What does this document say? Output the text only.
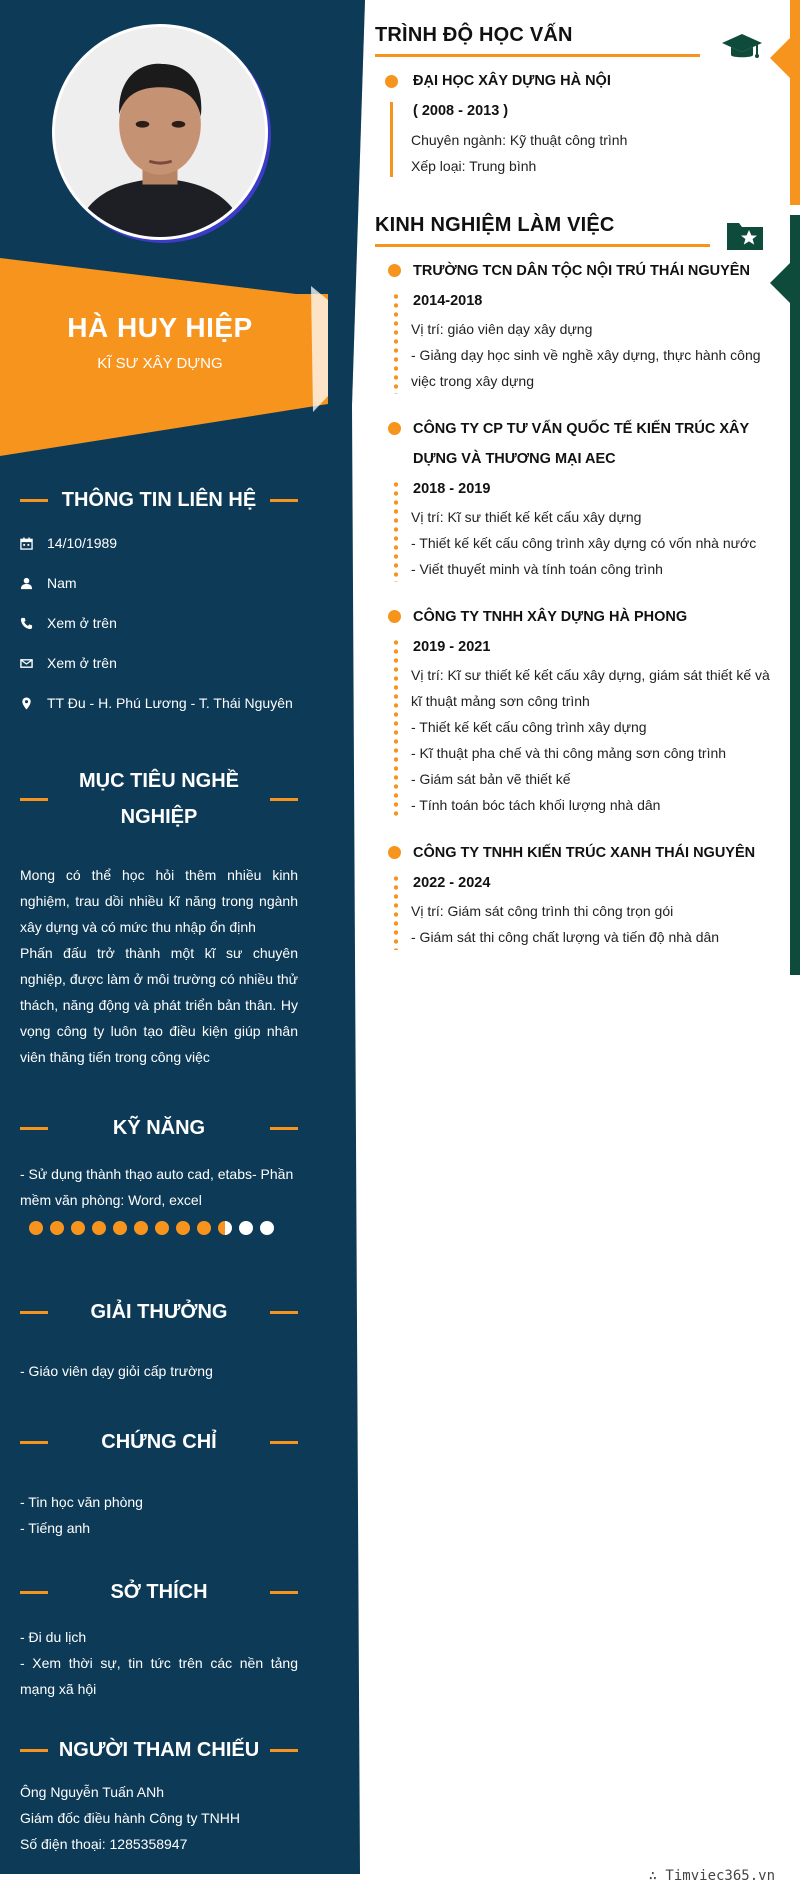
HÀ HUY HIỆP
KĨ SƯ XÂY DỰNG
THÔNG TIN LIÊN HỆ
14/10/1989
Nam
Xem ở trên
Xem ở trên
TT Đu - H. Phú Lương - T. Thái Nguyên
MỤC TIÊU NGHỀ
NGHIỆP
Mong có thể học hỏi thêm nhiều kinh nghiệm, trau dồi nhiều kĩ năng trong ngành xây dựng và có mức thu nhập ổn định
Phấn đấu trở thành một kĩ sư chuyên nghiệp, được làm ở môi trường có nhiều thử thách, năng động và phát triển bản thân. Hy vọng công ty luôn tạo điều kiện giúp nhân viên thăng tiến trong công việc
KỸ NĂNG
- Sử dụng thành thạo auto cad, etabs- Phần mềm văn phòng: Word, excel
GIẢI THƯỞNG
- Giáo viên dạy giỏi cấp trường
CHỨNG CHỈ
- Tin học văn phòng
- Tiếng anh
SỞ THÍCH
- Đi du lịch
- Xem thời sự, tin tức trên các nền tảng mạng xã hội
NGƯỜI THAM CHIẾU
Ông Nguyễn Tuấn ANh
Giám đốc điều hành Công ty TNHH
Số điện thoại: 1285358947
TRÌNH ĐỘ HỌC VẤN
ĐẠI HỌC XÂY DỰNG HÀ NỘI
( 2008 - 2013 )
Chuyên ngành: Kỹ thuật công trình
Xếp loại: Trung bình
KINH NGHIỆM LÀM VIỆC
TRƯỜNG TCN DÂN TỘC NỘI TRÚ THÁI NGUYÊN
2014-2018
Vị trí: giáo viên dạy xây dựng
- Giảng dạy học sinh về nghề xây dựng, thực hành công việc trong xây dựng
CÔNG TY CP TƯ VẤN QUỐC TẾ KIẾN TRÚC XÂY DỰNG VÀ THƯƠNG MẠI AEC
2018 - 2019
Vị trí: Kĩ sư thiết kế kết cấu xây dựng
- Thiết kế kết cấu công trình xây dựng có vốn nhà nước
- Viết thuyết minh và tính toán công trình
CÔNG TY TNHH XÂY DỰNG HÀ PHONG
2019 - 2021
Vị trí: Kĩ sư thiết kế kết cấu xây dựng, giám sát thiết kế và kĩ thuật mảng sơn công trình
- Thiết kế kết cấu công trình xây dựng
- Kĩ thuật pha chế và thi công mảng sơn công trình
- Giám sát bản vẽ thiết kế
- Tính toán bóc tách khối lượng nhà dân
CÔNG TY TNHH KIẾN TRÚC XANH THÁI NGUYÊN
2022 - 2024
Vị trí: Giám sát công trình thi công trọn gói
- Giám sát thi công chất lượng và tiến độ nhà dân
∴ Timviec365.vn
